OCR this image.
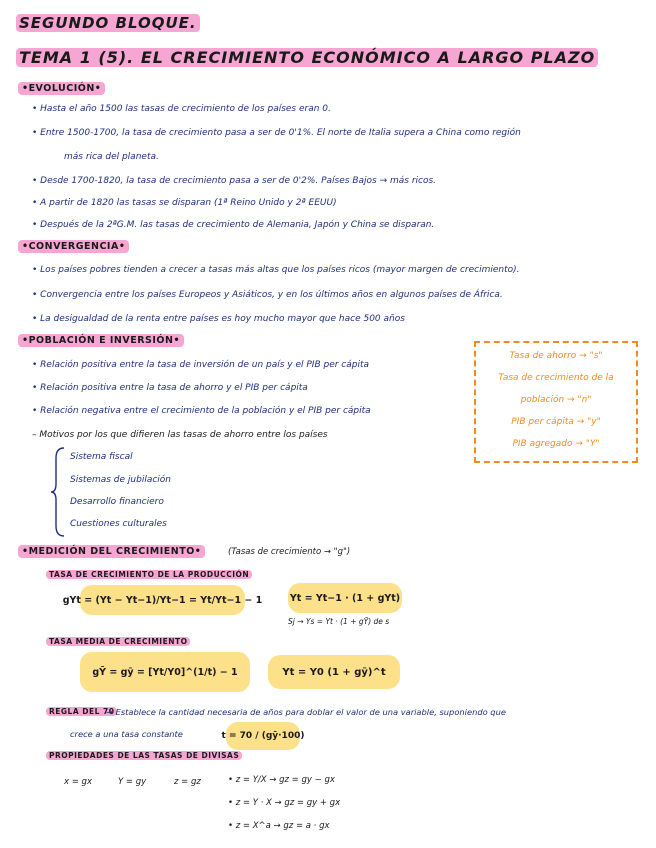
SEGUNDO BLOQUE.
TEMA 1 (5). EL CRECIMIENTO ECONÓMICO A LARGO PLAZO
•EVOLUCIÓN•
• Hasta el año 1500 las tasas de crecimiento de los países eran 0.
• Entre 1500-1700, la tasa de crecimiento pasa a ser de 0'1%. El norte de Italia supera a China como región
más rica del planeta.
• Desde 1700-1820, la tasa de crecimiento pasa a ser de 0'2%. Países Bajos → más ricos.
• A partir de 1820 las tasas se disparan (1ª Reino Unido y 2ª EEUU)
• Después de la 2ªG.M. las tasas de crecimiento de Alemania, Japón y China se disparan.
•CONVERGENCIA•
• Los países pobres tienden a crecer a tasas más altas que los países ricos (mayor margen de crecimiento).
• Convergencia entre los países Europeos y Asiáticos, y en los últimos años en algunos países de África.
• La desigualdad de la renta entre países es hoy mucho mayor que hace 500 años
•POBLACIÓN E INVERSIÓN•
• Relación positiva entre la tasa de inversión de un país y el PIB per cápita
• Relación positiva entre la tasa de ahorro y el PIB per cápita
• Relación negativa entre el crecimiento de la población y el PIB per cápita
– Motivos por los que difieren las tasas de ahorro entre los países
Sistema fiscal
Sistemas de jubilación
Desarrollo financiero
Cuestiones culturales
Tasa de ahorro → "s"
Tasa de crecimiento de la
población → "n"
PIB per cápita → "y"
PIB agregado → "Y"
•MEDICIÓN DEL CRECIMIENTO•	(Tasas de crecimiento → "g")
TASA DE CRECIMIENTO DE LA PRODUCCIÓN
gYt = (Yt − Yt−1)/Yt−1 = Yt/Yt−1 − 1	Yt = Yt−1 · (1 + gYt)
Sj → Ys = Yt · (1 + gȲ) de s
TASA MEDIA DE CRECIMIENTO
gȲ = gȳ = [Yt/Y0]^(1/t) − 1	Yt = Y0 (1 + gȳ)^t
REGLA DEL 70
→ Establece la cantidad necesaria de años para doblar el valor de una variable, suponiendo que
crece a una tasa constante	t = 70 / (gȳ·100)
PROPIEDADES DE LAS TASAS DE DIVISAS
x = gx	Y = gy	z = gz	• z = Y/X → gz = gy − gx
• z = Y · X → gz = gy + gx
• z = X^a → gz = a · gx
